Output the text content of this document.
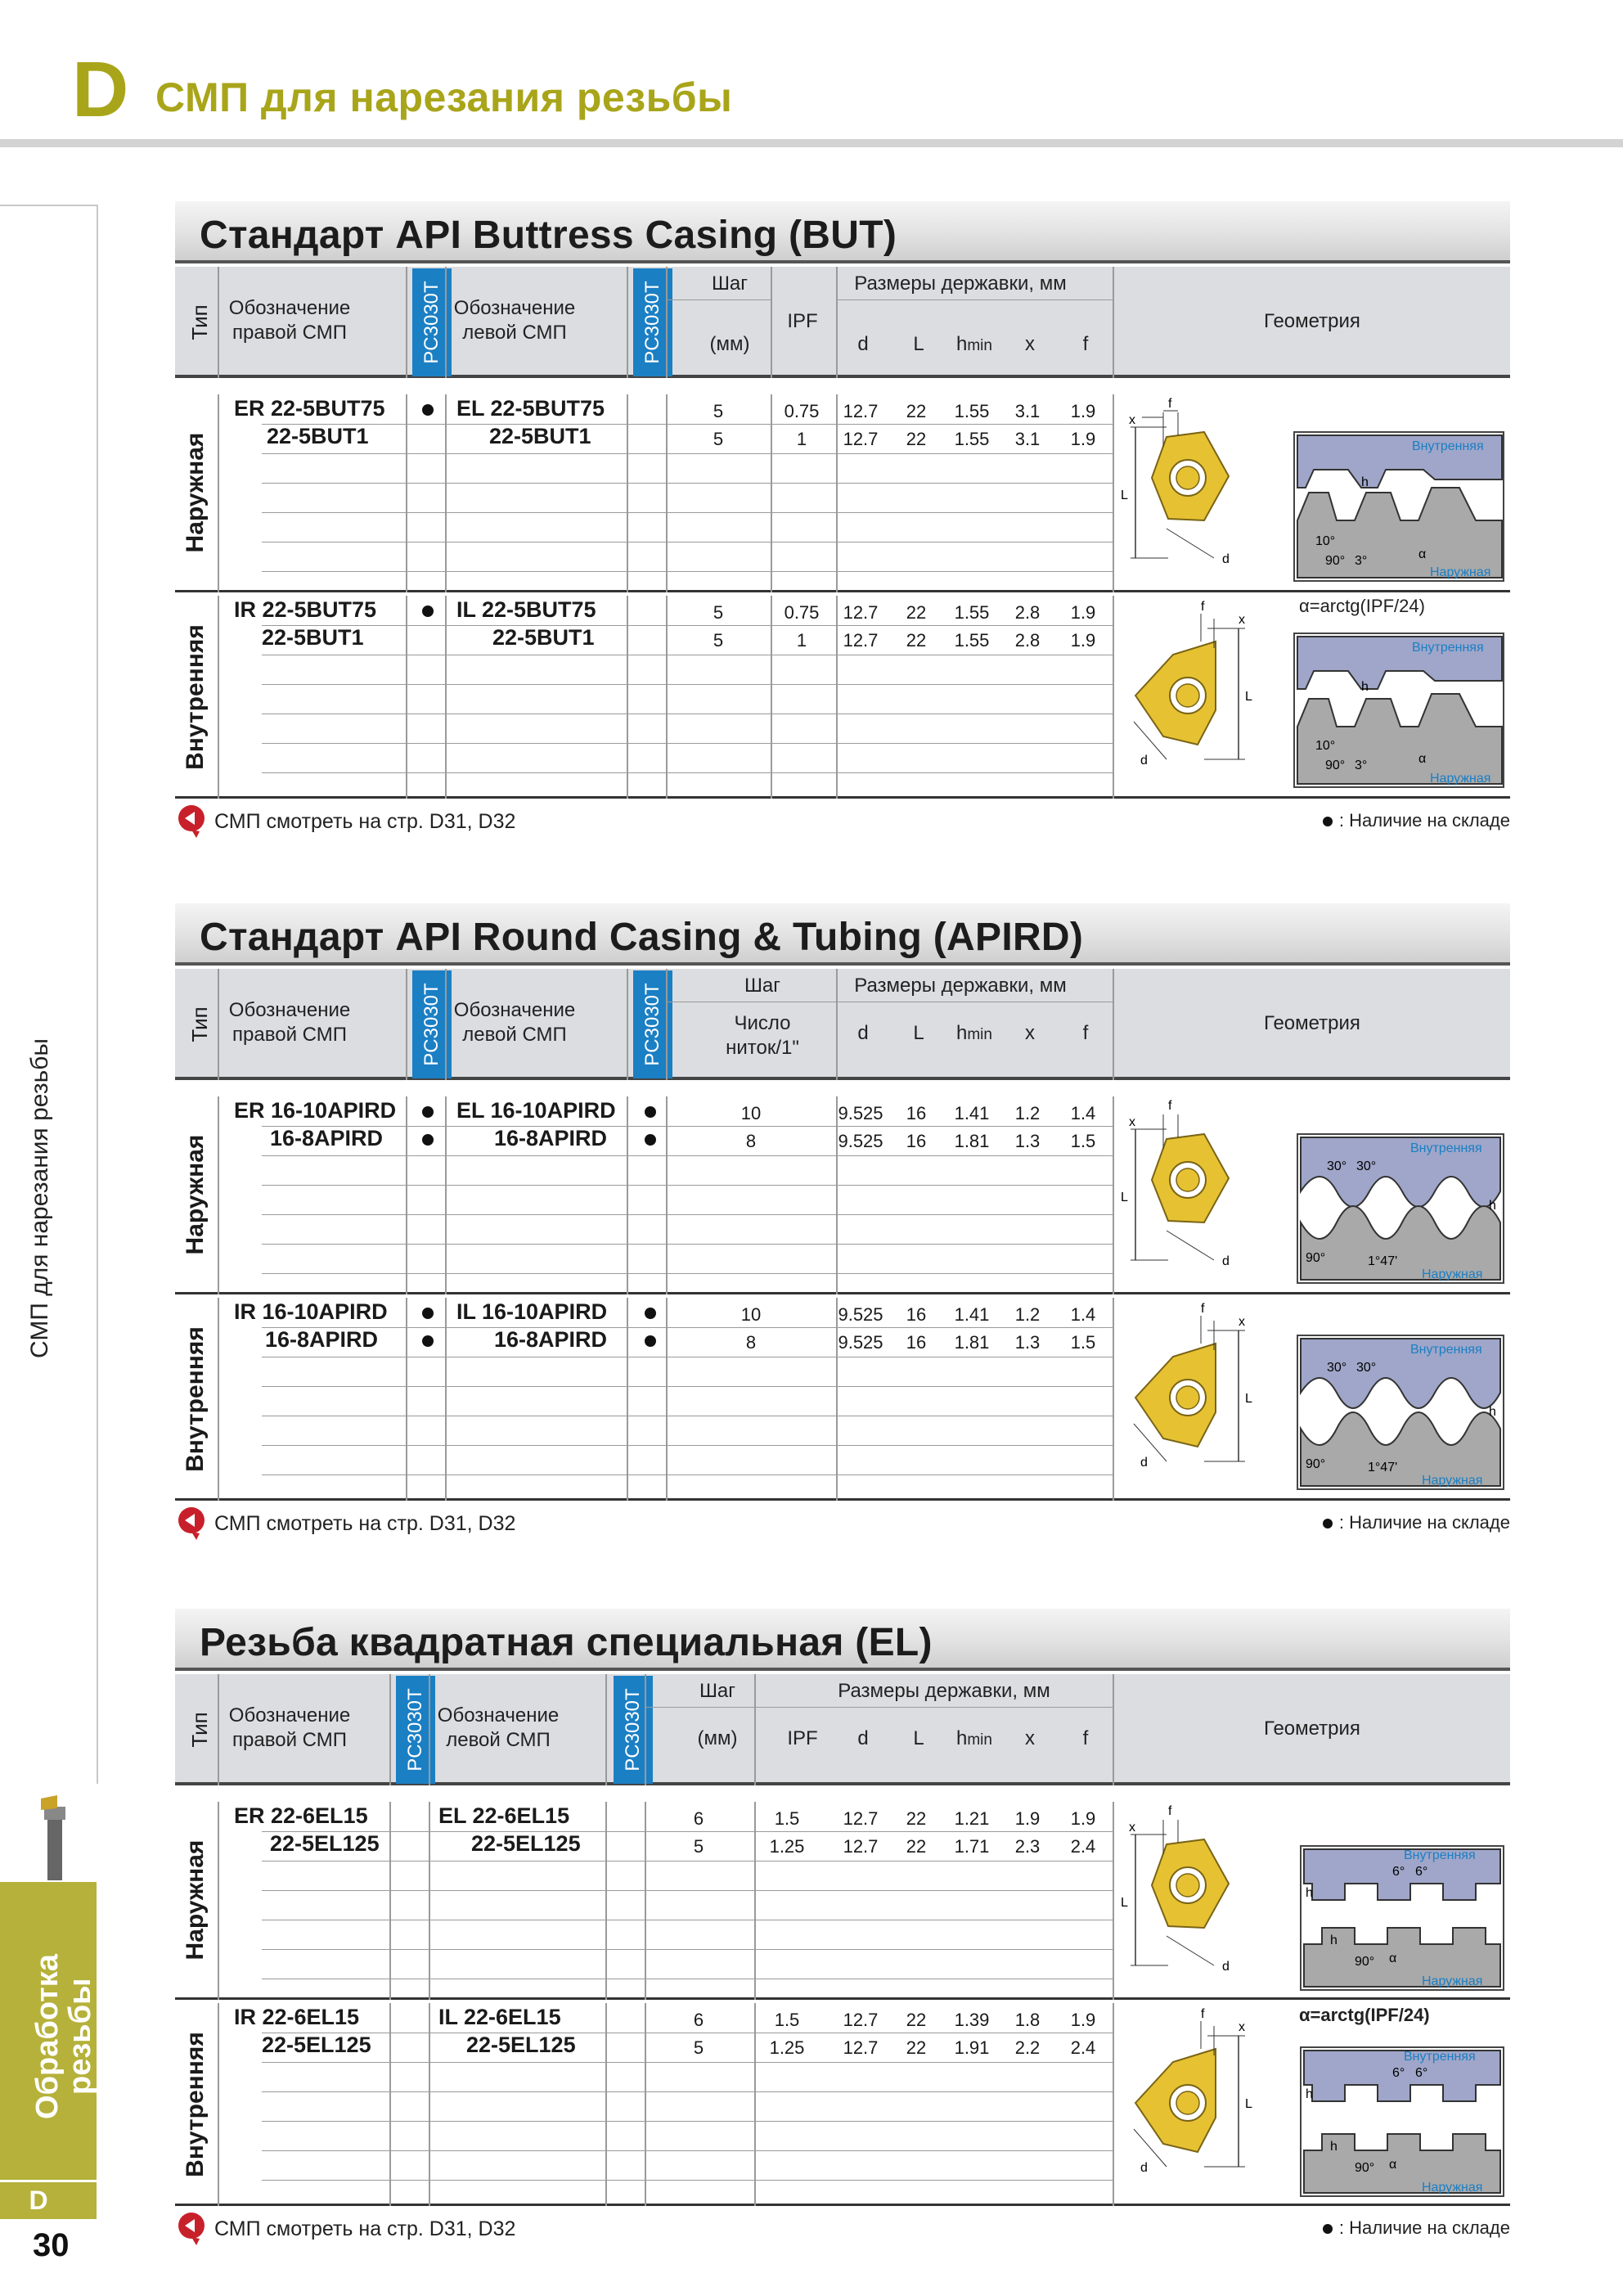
D СМП для нарезания резьбы
СМП для нарезания резьбы
Обработка
резьбы
D
30
Стандарт API Buttress Casing (BUT)
Тип Обозначение
правой СМП	PC3030T Обозначение
левой СМП	PC3030T	Шаг
(мм)
IPF
Размеры державки, мм
d	L	hmin	x	f
Геометрия
Наружная
ER 22-5BUT75	EL 22-5BUT75	5	0.75	12.7	22	1.55	3.1	1.9
22-5BUT1	22-5BUT1	5	1	12.7	22	1.55	3.1	1.9
x
f
L
d
Внутренняя
Наружная
10°
90° 3°	α
h
Внутренняя
IR 22-5BUT75	IL 22-5BUT75	5	0.75	12.7	22	1.55	2.8	1.9
22-5BUT1	22-5BUT1	5	1	12.7	22	1.55	2.8	1.9
x
f
L
d
Внутренняя
Наружная
10°
90° 3°	α
h
α=arctg(IPF/24)
СМП смотреть на стр. D31, D32	: Наличие на складе
Стандарт API Round Casing & Tubing (APIRD)
Тип Обозначение
правой СМП	PC3030T Обозначение
левой СМП	PC3030T	Шаг
Число
ниток/1"
Размеры державки, мм
d	L	hmin	x	f	Геометрия
Наружная
ER 16-10APIRD	EL 16-10APIRD	10	9.525	16	1.41	1.2	1.4
16-8APIRD	16-8APIRD	8	9.525	16	1.81	1.3	1.5
x
f
L
d
Внутренняя
Наружная
30° 30°
90°	1°47'
h
Внутренняя
IR 16-10APIRD	IL 16-10APIRD	10	9.525	16	1.41	1.2	1.4
16-8APIRD	16-8APIRD	8	9.525	16	1.81	1.3	1.5
x
f
L
d
Внутренняя
Наружная
30° 30°
90°	1°47'
h
СМП смотреть на стр. D31, D32	: Наличие на складе
Резьба квадратная специальная (EL)
Тип Обозначение
правой СМП	PC3030T Обозначение
левой СМП	PC3030T	Шаг
(мм)	IPF
Размеры державки, мм
d	L	hmin	x	f	Геометрия
Наружная
ER 22-6EL15	EL 22-6EL15	6	1.5	12.7	22	1.21	1.9	1.9
22-5EL125	22-5EL125	5	1.25	12.7	22	1.71	2.3	2.4
x
f
L
d
Внутренняя
Наружная
6° 6°
90° α
h
h
Внутренняя
IR 22-6EL15	IL 22-6EL15	6	1.5	12.7	22	1.39	1.8	1.9
22-5EL125	22-5EL125	5	1.25	12.7	22	1.91	2.2	2.4
x
f
L
d
Внутренняя
Наружная
6° 6°
90° α
h
h
α=arctg(IPF/24)
СМП смотреть на стр. D31, D32	: Наличие на складе
